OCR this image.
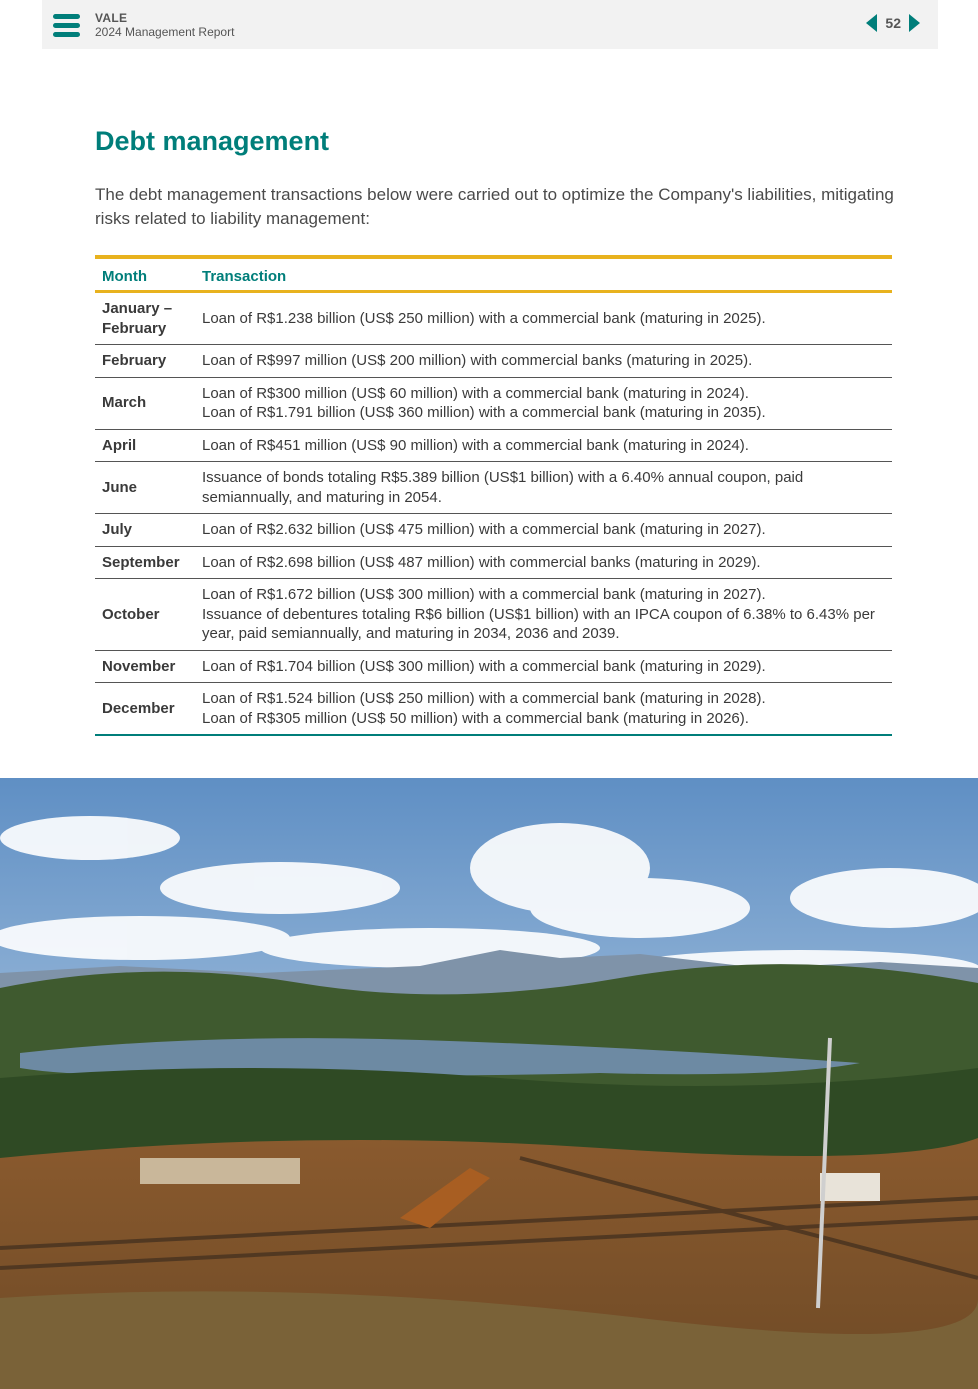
VALE
2024 Management Report
52
Debt management

The debt management transactions below were carried out to optimize the Company's liabilities, mitigating risks related to liability management:

Month	Transaction
January – February	Loan of R$1.238 billion (US$ 250 million) with a commercial bank (maturing in 2025).

February	Loan of R$997 million (US$ 200 million) with commercial banks (maturing in 2025).

March	Loan of R$300 million (US$ 60 million) with a commercial bank (maturing in 2024).
Loan of R$1.791 billion (US$ 360 million) with a commercial bank (maturing in 2035).

April	Loan of R$451 million (US$ 90 million) with a commercial bank (maturing in 2024).

June	Issuance of bonds totaling R$5.389 billion (US$1 billion) with a 6.40% annual coupon, paid semiannually, and maturing in 2054.

July	Loan of R$2.632 billion (US$ 475 million) with a commercial bank (maturing in 2027).

September	Loan of R$2.698 billion (US$ 487 million) with commercial banks (maturing in 2029).

October	Loan of R$1.672 billion (US$ 300 million) with a commercial bank (maturing in 2027).
Issuance of debentures totaling R$6 billion (US$1 billion) with an IPCA coupon of 6.38% to 6.43% per year, paid semiannually, and maturing in 2034, 2036 and 2039.

November	Loan of R$1.704 billion (US$ 300 million) with a commercial bank (maturing in 2029).

December	Loan of R$1.524 billion (US$ 250 million) with a commercial bank (maturing in 2028).
Loan of R$305 million (US$ 50 million) with a commercial bank (maturing in 2026).
